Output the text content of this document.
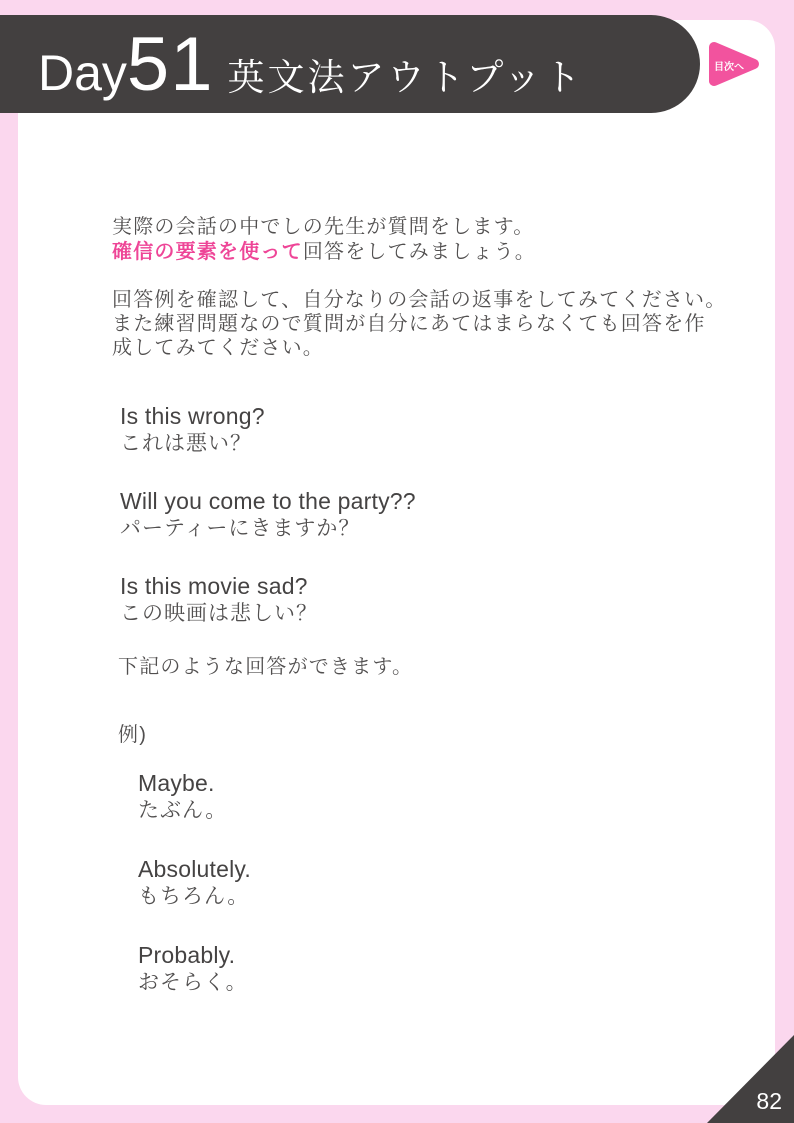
Day 51 英文法アウトプット	目次へ
実際の会話の中でしの先生が質問をします。
確信の要素を使って回答をしてみましょう。
回答例を確認して、自分なりの会話の返事をしてみてください。
また練習問題なので質問が自分にあてはまらなくても回答を作
成してみてください。
Is this wrong?
これは悪い？
Will you come to the party??
パーティーにきますか？
Is this movie sad?
この映画は悲しい？
下記のような回答ができます。
例)
Maybe.
たぶん。
Absolutely.
もちろん。
Probably.
おそらく。
82
